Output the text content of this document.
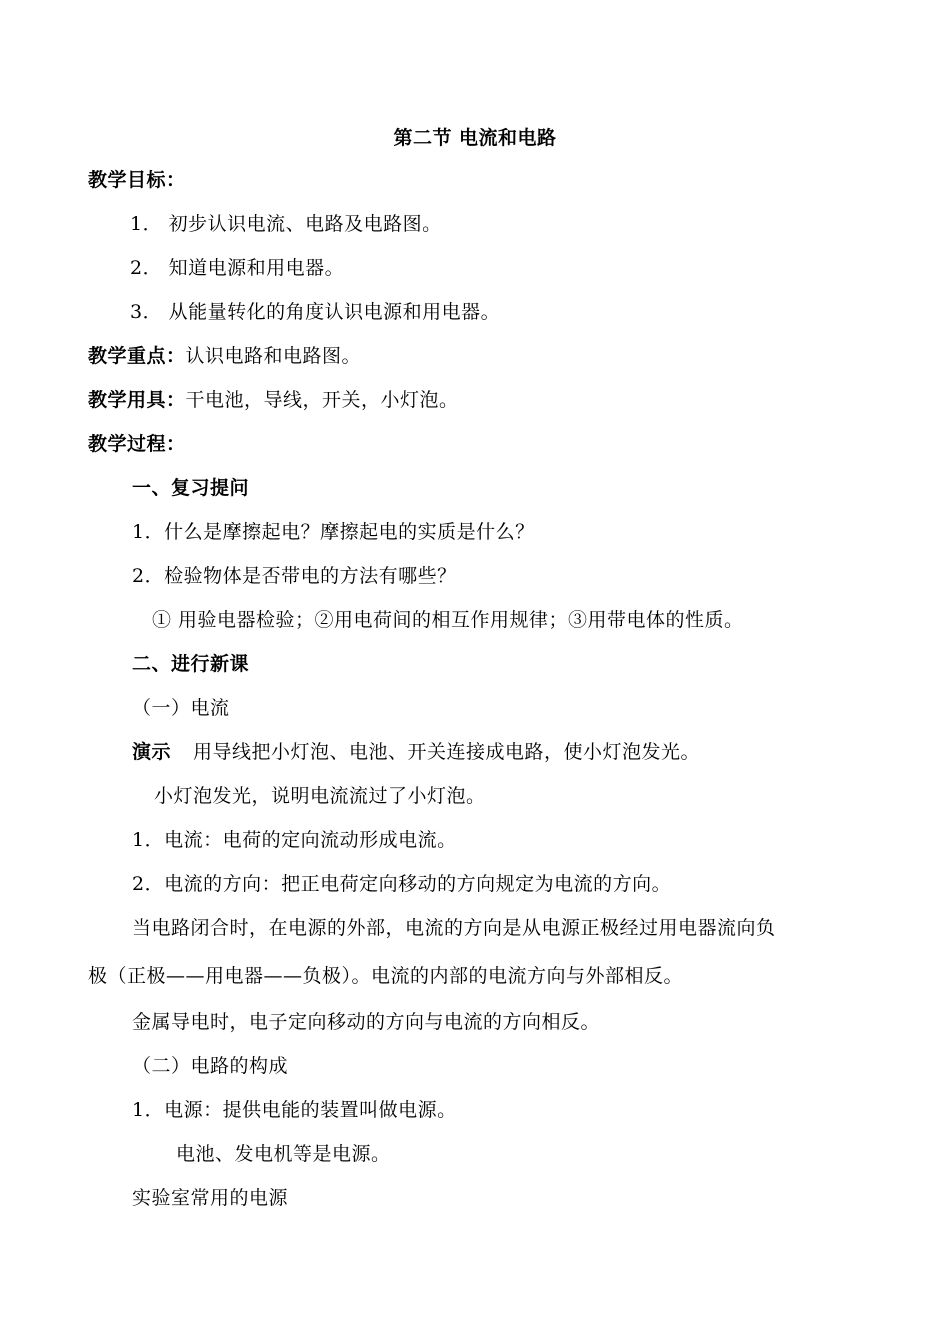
第二节 电流和电路
教学目标：
1． 初步认识电流、电路及电路图。
2． 知道电源和用电器。
3． 从能量转化的角度认识电源和用电器。
教学重点：认识电路和电路图。
教学用具：干电池，导线，开关，小灯泡。
教学过程：
一、复习提问
1．什么是摩擦起电？摩擦起电的实质是什么？
2．检验物体是否带电的方法有哪些？
① 用验电器检验；②用电荷间的相互作用规律；③用带电体的性质。
二、进行新课
（一）电流
演示 用导线把小灯泡、电池、开关连接成电路，使小灯泡发光。
小灯泡发光，说明电流流过了小灯泡。
1．电流：电荷的定向流动形成电流。
2．电流的方向：把正电荷定向移动的方向规定为电流的方向。
当电路闭合时，在电源的外部，电流的方向是从电源正极经过用电器流向负
极（正极——用电器——负极）。电流的内部的电流方向与外部相反。
金属导电时，电子定向移动的方向与电流的方向相反。
（二）电路的构成
1．电源：提供电能的装置叫做电源。
电池、发电机等是电源。
实验室常用的电源
